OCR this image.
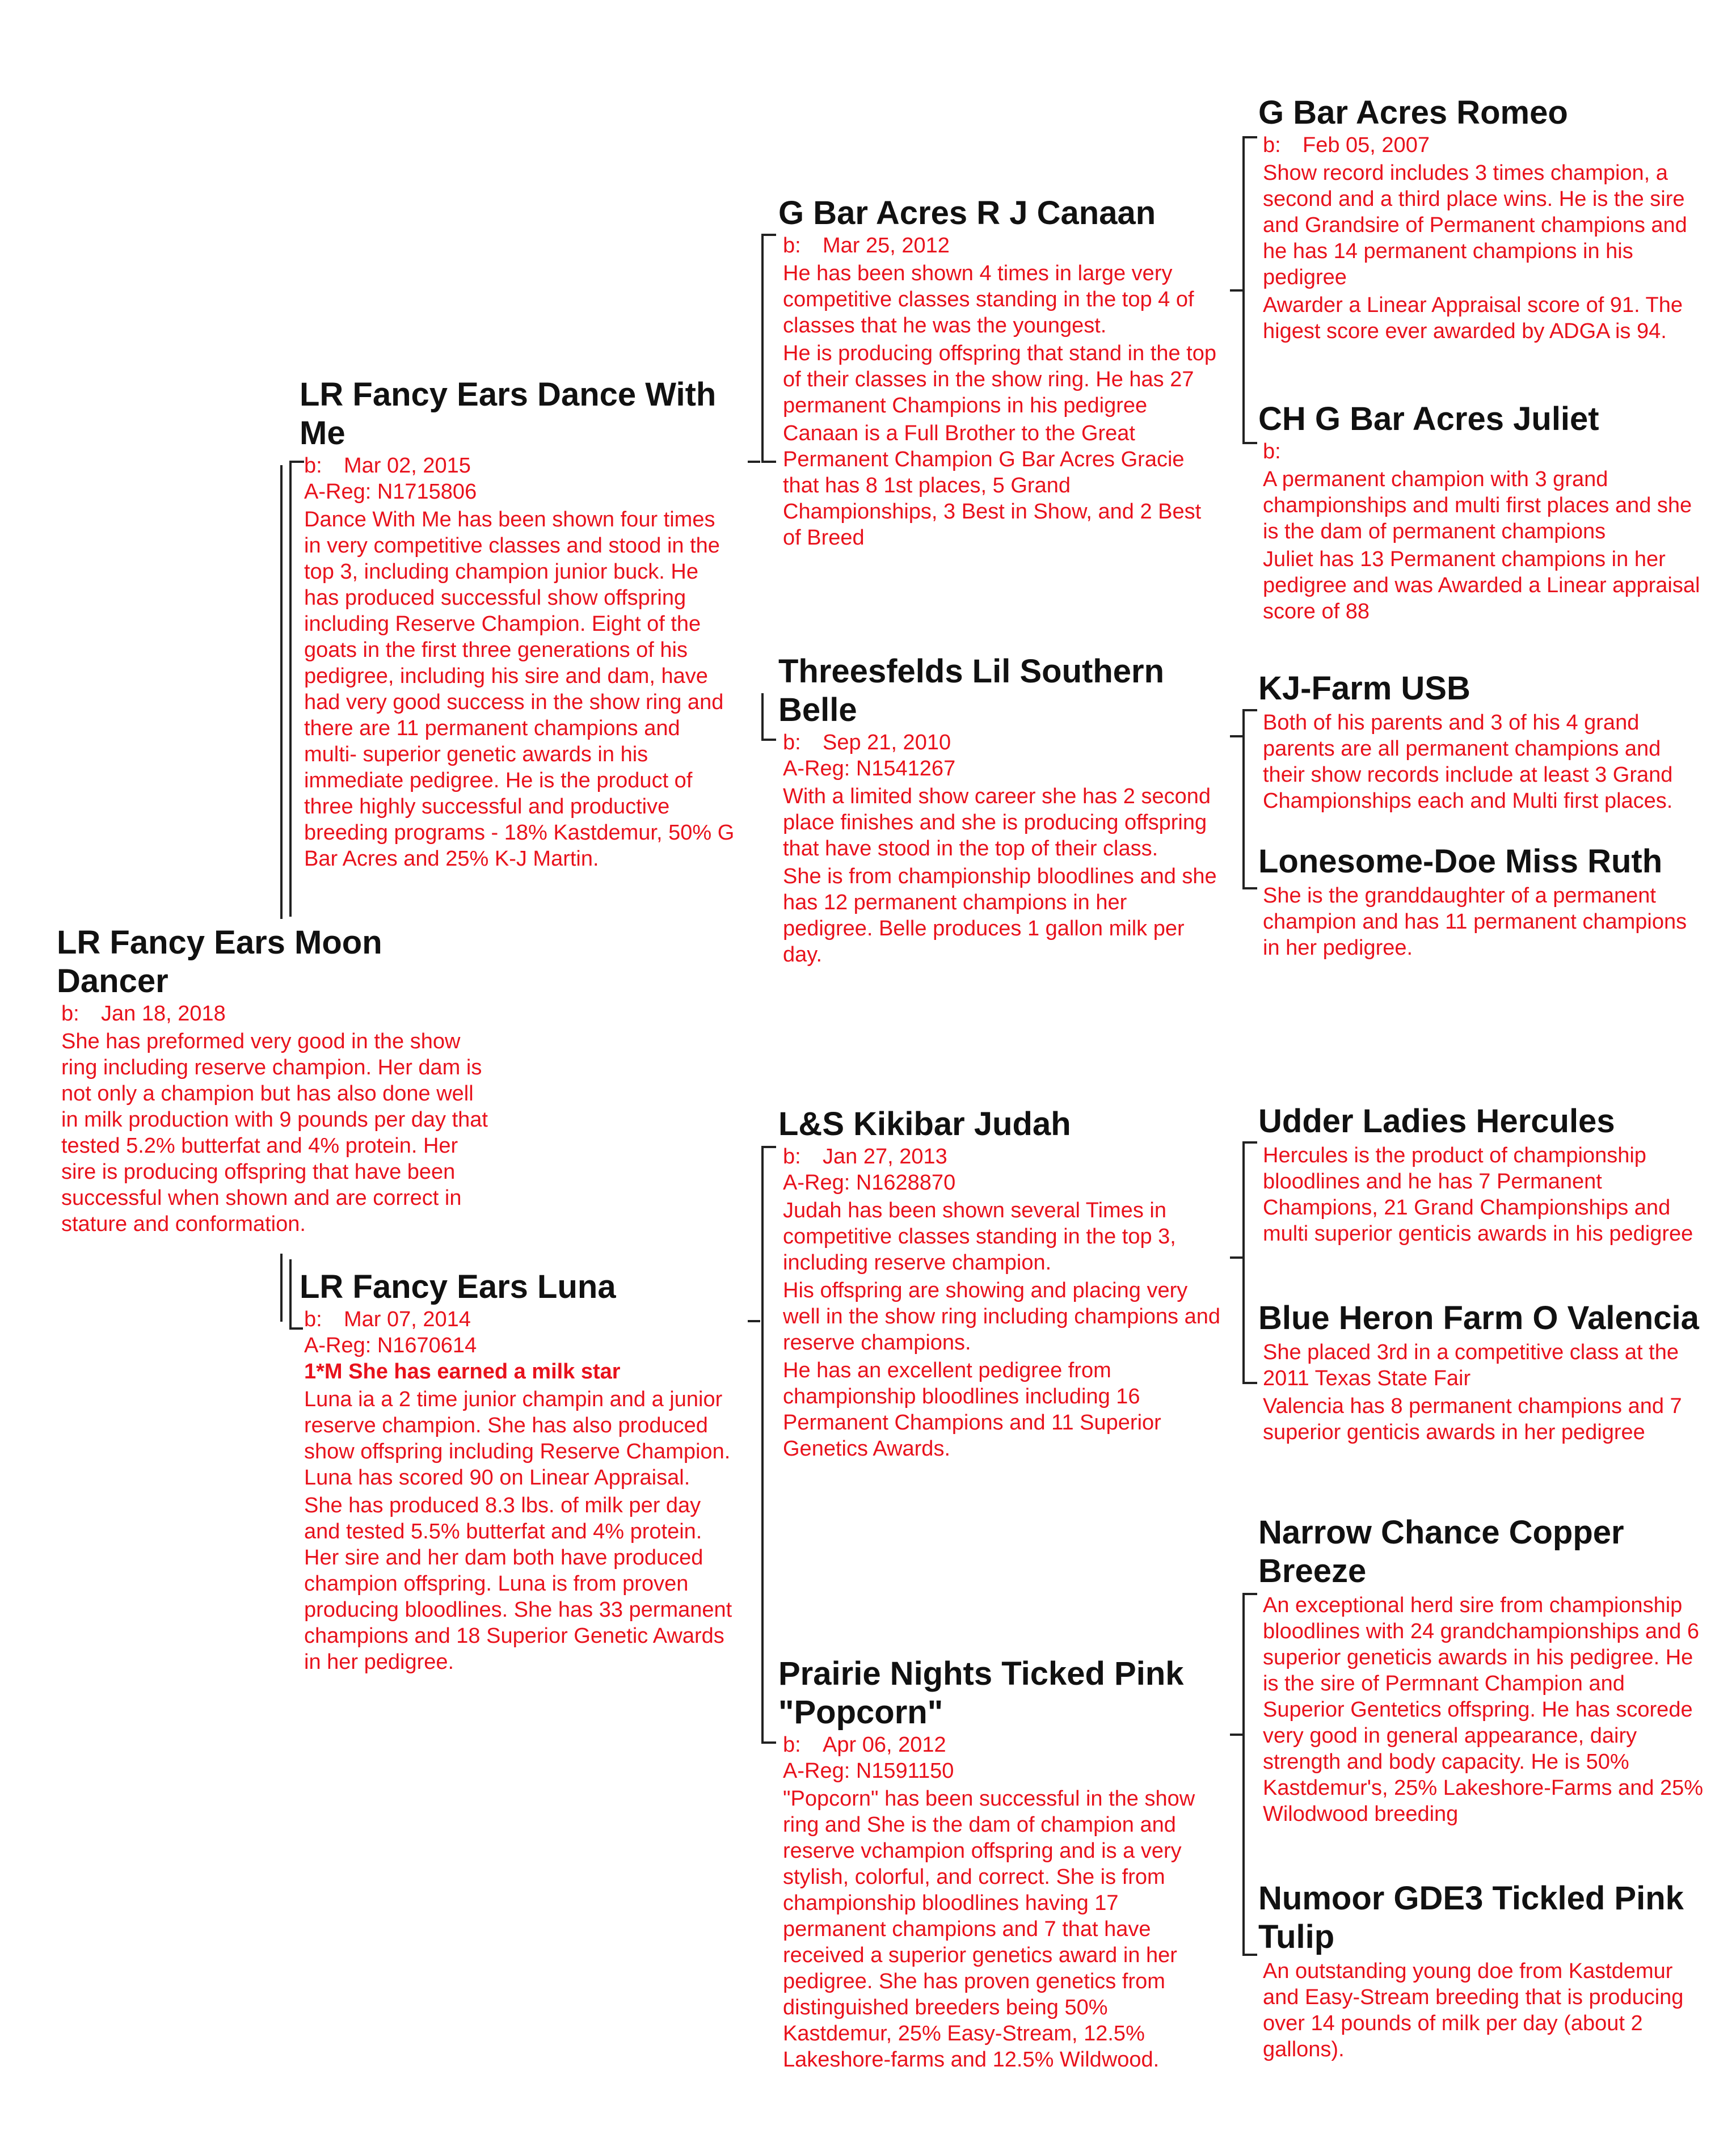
LR Fancy Ears Moon Dancer
b: Jan 18, 2018

She has preformed very good in the show ring including reserve champion. Her dam is not only a champion but has also done well in milk production with 9 pounds per day that tested 5.2% butterfat and 4% protein. Her sire is producing offspring that have been successful when shown and are correct in stature and conformation.

LR Fancy Ears Dance With Me
b: Mar 02, 2015
A-Reg: N1715806

Dance With Me has been shown four times in very competitive classes and stood in the top 3, including champion junior buck. He has produced successful show offspring including Reserve Champion. Eight of the goats in the first three generations of his pedigree, including his sire and dam, have had very good success in the show ring and there are 11 permanent champions and multi- superior genetic awards in his immediate pedigree. He is the product of three highly successful and productive breeding programs - 18% Kastdemur, 50% G Bar Acres and 25% K-J Martin.

LR Fancy Ears Luna
b: Mar 07, 2014
A-Reg: N1670614
1*M She has earned a milk star

Luna ia a 2 time junior champin and a junior reserve champion. She has also produced show offspring including Reserve Champion. Luna has scored 90 on Linear Appraisal.

She has produced 8.3 lbs. of milk per day and tested 5.5% butterfat and 4% protein. Her sire and her dam both have produced champion offspring. Luna is from proven producing bloodlines. She has 33 permanent champions and 18 Superior Genetic Awards in her pedigree.

G Bar Acres R J Canaan
b: Mar 25, 2012

He has been shown 4 times in large very competitive classes standing in the top 4 of classes that he was the youngest.

He is producing offspring that stand in the top of their classes in the show ring. He has 27 permanent Champions in his pedigree

Canaan is a Full Brother to the Great Permanent Champion G Bar Acres Gracie that has 8 1st places, 5 Grand Championships, 3 Best in Show, and 2 Best of Breed

Threesfelds Lil Southern Belle
b: Sep 21, 2010
A-Reg: N1541267

With a limited show career she has 2 second place finishes and she is producing offspring that have stood in the top of their class.

She is from championship bloodlines and she has 12 permanent champions in her pedigree. Belle produces 1 gallon milk per day.

L&S Kikibar Judah
b: Jan 27, 2013
A-Reg: N1628870

Judah has been shown several Times in competitive classes standing in the top 3, including reserve champion.

His offspring are showing and placing very well in the show ring including champions and reserve champions.

He has an excellent pedigree from championship bloodlines including 16 Permanent Champions and 11 Superior Genetics Awards.

Prairie Nights Ticked Pink "Popcorn"
b: Apr 06, 2012
A-Reg: N1591150

"Popcorn" has been successful in the show ring and She is the dam of champion and reserve vchampion offspring and is a very stylish, colorful, and correct. She is from championship bloodlines having 17 permanent champions and 7 that have received a superior genetics award in her pedigree. She has proven genetics from distinguished breeders being 50% Kastdemur, 25% Easy-Stream, 12.5% Lakeshore-farms and 12.5% Wildwood.

G Bar Acres Romeo
b: Feb 05, 2007

Show record includes 3 times champion, a second and a third place wins. He is the sire and Grandsire of Permanent champions and he has 14 permanent champions in his pedigree

Awarder a Linear Appraisal score of 91. The higest score ever awarded by ADGA is 94.

CH G Bar Acres Juliet
b:

A permanent champion with 3 grand championships and multi first places and she is the dam of permanent champions

Juliet has 13 Permanent champions in her pedigree and was Awarded a Linear appraisal score of 88

KJ-Farm USB

Both of his parents and 3 of his 4 grand parents are all permanent champions and their show records include at least 3 Grand Championships each and Multi first places.

Lonesome-Doe Miss Ruth

She is the granddaughter of a permanent champion and has 11 permanent champions in her pedigree.

Udder Ladies Hercules

Hercules is the product of championship bloodlines and he has 7 Permanent Champions, 21 Grand Championships and multi superior genticis awards in his pedigree

Blue Heron Farm O Valencia

She placed 3rd in a competitive class at the 2011 Texas State Fair

Valencia has 8 permanent champions and 7 superior genticis awards in her pedigree

Narrow Chance Copper Breeze

An exceptional herd sire from championship bloodlines with 24 grandchampionships and 6 superior geneticis awards in his pedigree. He is the sire of Permnant Champion and Superior Gentetics offspring. He has scorede very good in general appearance, dairy strength and body capacity. He is 50% Kastdemur's, 25% Lakeshore-Farms and 25% Wilodwood breeding

Numoor GDE3 Tickled Pink Tulip

An outstanding young doe from Kastdemur and Easy-Stream breeding that is producing over 14 pounds of milk per day (about 2 gallons).
